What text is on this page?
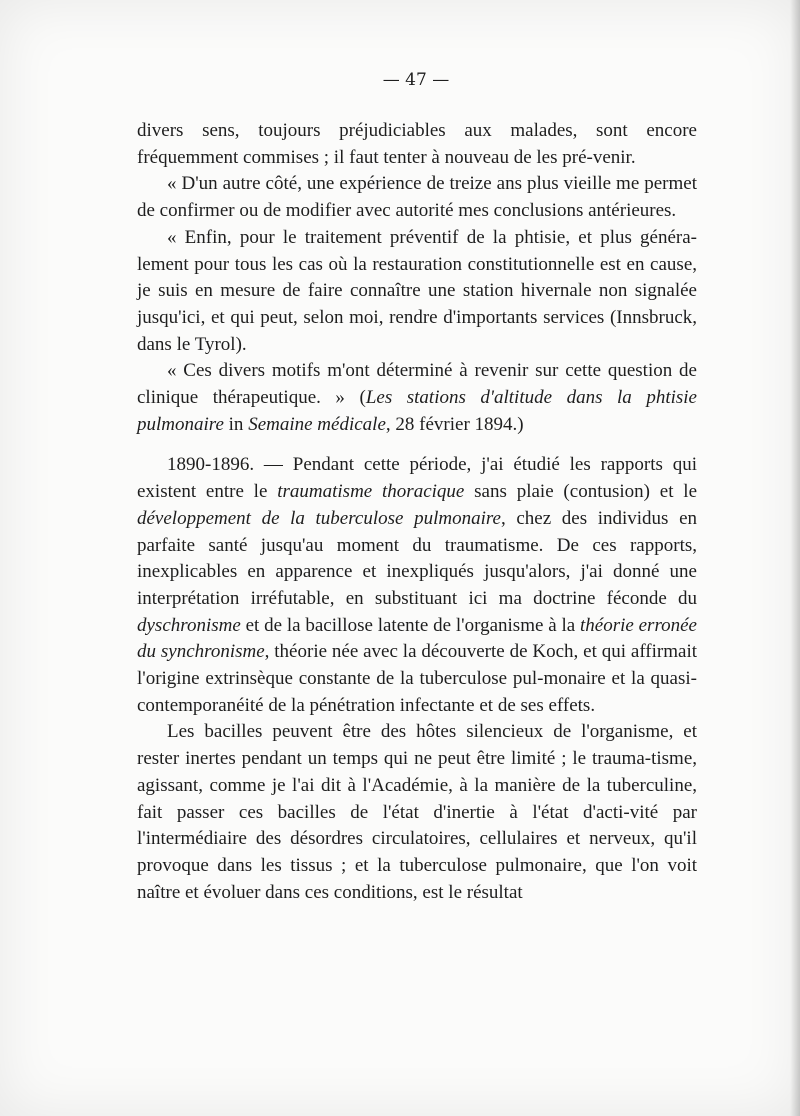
— 47 —

divers sens, toujours préjudiciables aux malades, sont encore fréquemment commises ; il faut tenter à nouveau de les pré-venir.

« D'un autre côté, une expérience de treize ans plus vieille me permet de confirmer ou de modifier avec autorité mes conclusions antérieures.

« Enfin, pour le traitement préventif de la phtisie, et plus généra-lement pour tous les cas où la restauration constitutionnelle est en cause, je suis en mesure de faire connaître une station hivernale non signalée jusqu'ici, et qui peut, selon moi, rendre d'importants services (Innsbruck, dans le Tyrol).

« Ces divers motifs m'ont déterminé à revenir sur cette question de clinique thérapeutique. » (Les stations d'altitude dans la phtisie pulmonaire in Semaine médicale, 28 février 1894.)

1890-1896. — Pendant cette période, j'ai étudié les rapports qui existent entre le traumatisme thoracique sans plaie (contusion) et le développement de la tuberculose pulmonaire, chez des individus en parfaite santé jusqu'au moment du traumatisme. De ces rapports, inexplicables en apparence et inexpliqués jusqu'alors, j'ai donné une interprétation irréfutable, en substituant ici ma doctrine féconde du dyschronisme et de la bacillose latente de l'organisme à la théorie erronée du synchronisme, théorie née avec la découverte de Koch, et qui affirmait l'origine extrinsèque constante de la tuberculose pul-monaire et la quasi-contemporanéité de la pénétration infectante et de ses effets.

Les bacilles peuvent être des hôtes silencieux de l'organisme, et rester inertes pendant un temps qui ne peut être limité ; le trauma-tisme, agissant, comme je l'ai dit à l'Académie, à la manière de la tuberculine, fait passer ces bacilles de l'état d'inertie à l'état d'acti-vité par l'intermédiaire des désordres circulatoires, cellulaires et nerveux, qu'il provoque dans les tissus ; et la tuberculose pulmonaire, que l'on voit naître et évoluer dans ces conditions, est le résultat
